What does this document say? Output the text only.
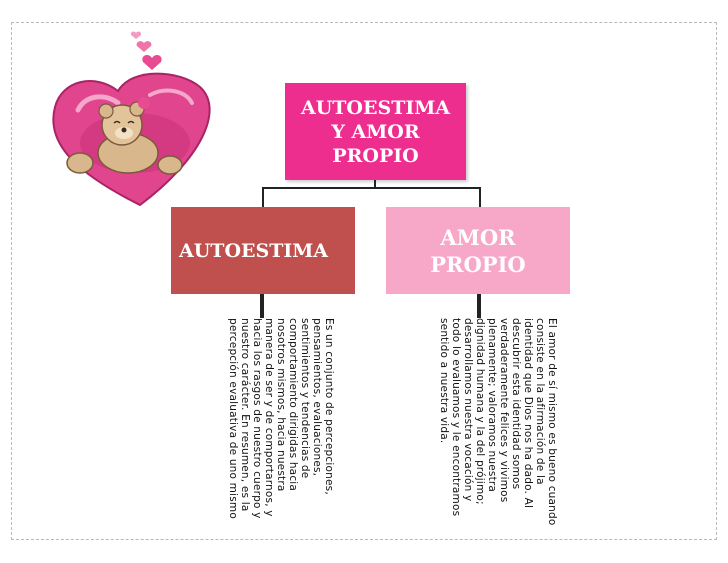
AUTOESTIMA
Y AMOR
PROPIO
AUTOESTIMA
AMOR
PROPIO
Es un conjunto de percepciones, pensamientos, evaluaciones, sentimientos y tendencias de comportamiento dirigidas hacia nosotros mismos, hacia nuestra manera de ser y de comportarnos, y hacia los rasgos de nuestro cuerpo y nuestro carácter. En resumen, es la percepción evaluativa de uno mismo	El amor de sí mismo es bueno cuando consiste en la afirmación de la identidad que Dios nos ha dado. Al descubrir esta identidad somos verdaderamente felices y vivimos plenamente; valoramos nuestra dignidad humana y la del prójimo; desarrollamos nuestra vocación y todo lo evaluamos y le encontramos sentido a nuestra vida.
